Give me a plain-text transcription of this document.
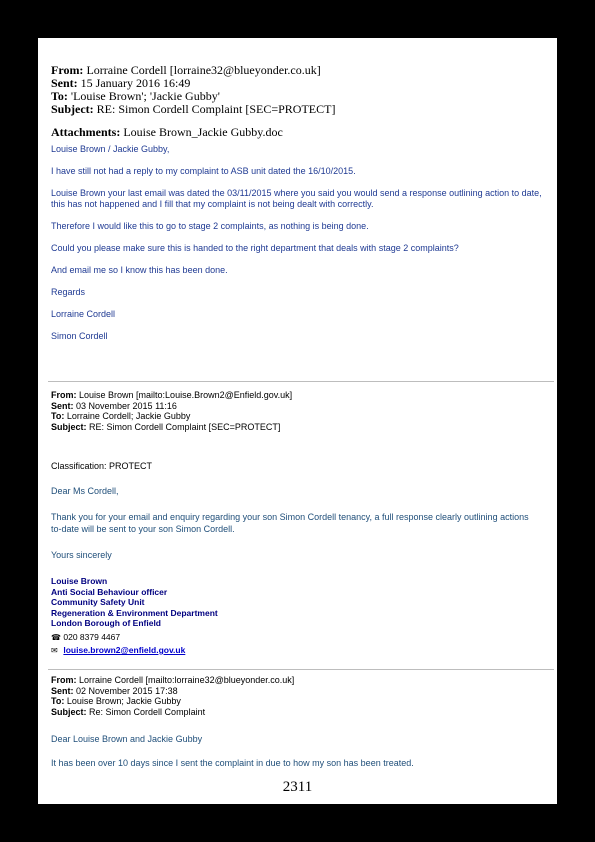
From: Lorraine Cordell [lorraine32@blueyonder.co.uk]
Sent: 15 January 2016 16:49
To: 'Louise Brown'; 'Jackie Gubby'
Subject: RE: Simon Cordell Complaint [SEC=PROTECT]
Attachments: Louise Brown_Jackie Gubby.doc

Louise Brown / Jackie Gubby,

I have still not had a reply to my complaint to ASB unit dated the 16/10/2015.

Louise Brown your last email was dated the 03/11/2015 where you said you would send a response outlining action to date, this has not happened and I fill that my complaint is not being dealt with correctly.

Therefore I would like this to go to stage 2 complaints, as nothing is being done.

Could you please make sure this is handed to the right department that deals with stage 2 complaints?

And email me so I know this has been done.

Regards

Lorraine Cordell

Simon Cordell

From: Louise Brown [mailto:Louise.Brown2@Enfield.gov.uk]
Sent: 03 November 2015 11:16
To: Lorraine Cordell; Jackie Gubby
Subject: RE: Simon Cordell Complaint [SEC=PROTECT]
Classification: PROTECT
Dear Ms Cordell,
Thank you for your email and enquiry regarding your son Simon Cordell tenancy, a full response clearly outlining actions to-date will be sent to your son Simon Cordell.
Yours sincerely
Louise Brown
Anti Social Behaviour officer
Community Safety Unit
Regeneration & Environment Department
London Borough of Enfield
☎ 020 8379 4467
✉ louise.brown2@enfield.gov.uk
From: Lorraine Cordell [mailto:lorraine32@blueyonder.co.uk]
Sent: 02 November 2015 17:38
To: Louise Brown; Jackie Gubby
Subject: Re: Simon Cordell Complaint
Dear Louise Brown and Jackie Gubby
It has been over 10 days since I sent the complaint in due to how my son has been treated.
2311
